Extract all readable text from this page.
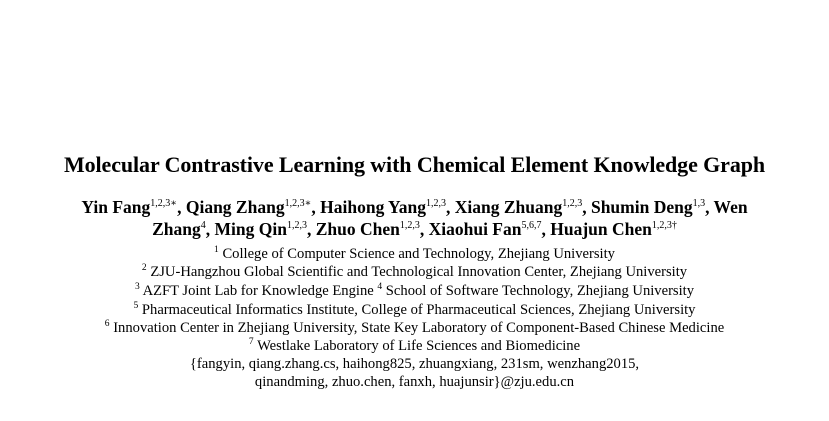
Molecular Contrastive Learning with Chemical Element Knowledge Graph
Yin Fang$^{1,2,3∗}$, Qiang Zhang$^{1,2,3∗}$, Haihong Yang$^{1,2,3}$, Xiang Zhuang$^{1,2,3}$, Shumin Deng$^{1,3}$, Wen
Zhang$^4$, Ming Qin$^{1,2,3}$, Zhuo Chen$^{1,2,3}$, Xiaohui Fan$^{5,6,7}$, Huajun Chen$^{1,2,3\dagger}$
$^1$ College of Computer Science and Technology, Zhejiang University
$^2$ ZJU-Hangzhou Global Scientific and Technological Innovation Center, Zhejiang University
$^3$ AZFT Joint Lab for Knowledge Engine $^4$ School of Software Technology, Zhejiang University
$^5$ Pharmaceutical Informatics Institute, College of Pharmaceutical Sciences, Zhejiang University
$^6$ Innovation Center in Zhejiang University, State Key Laboratory of Component-Based Chinese Medicine
$^7$ Westlake Laboratory of Life Sciences and Biomedicine
{fangyin, qiang.zhang.cs, haihong825, zhuangxiang, 231sm, wenzhang2015,
qinandming, zhuo.chen, fanxh, huajunsir}@zju.edu.cn
